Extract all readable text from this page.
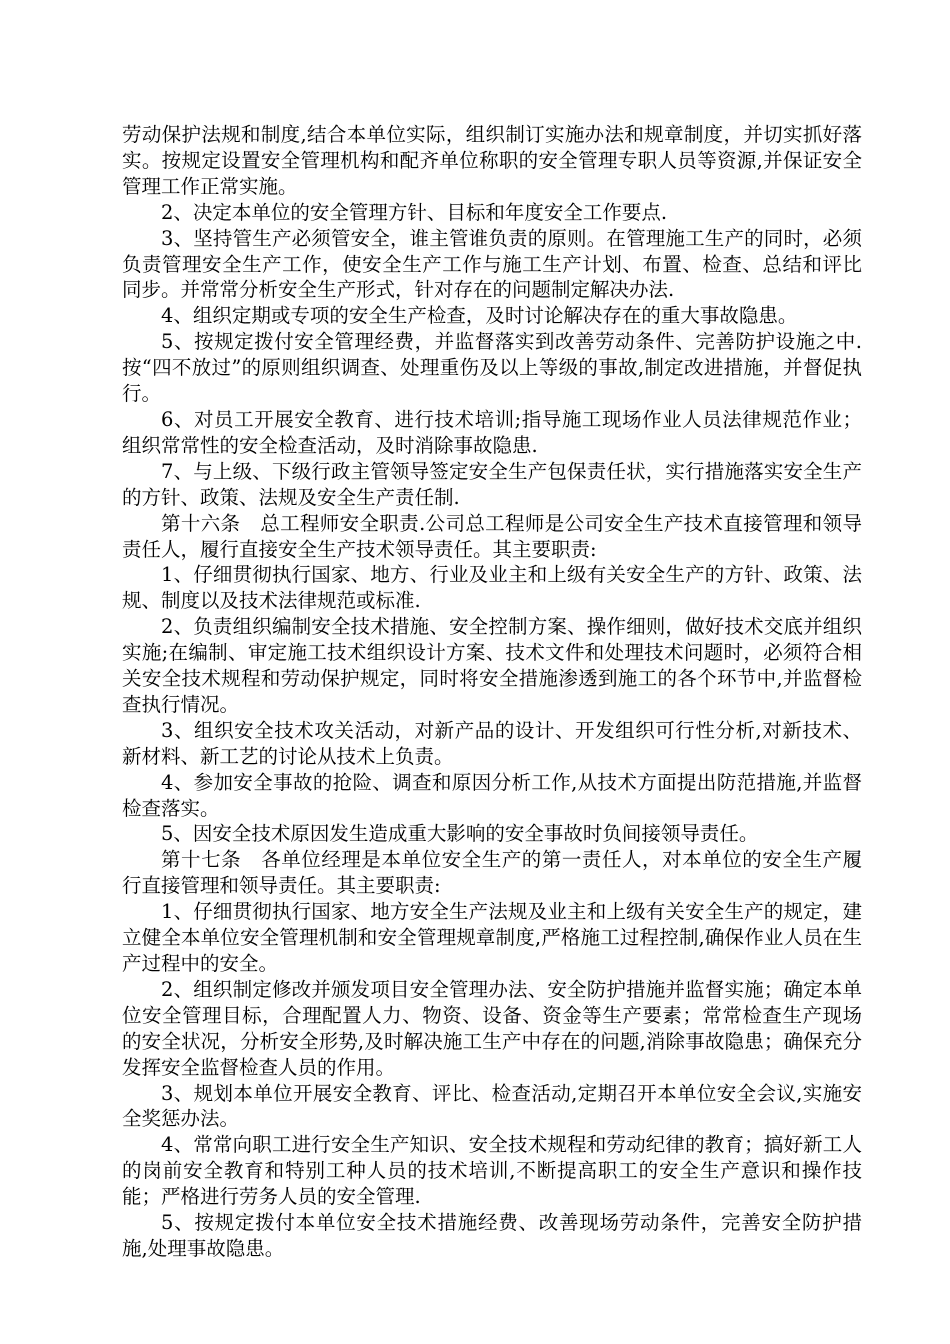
劳动保护法规和制度,结合本单位实际，组织制订实施办法和规章制度，并切实抓好落实。按规定设置安全管理机构和配齐单位称职的安全管理专职人员等资源,并保证安全管理工作正常实施。

2、决定本单位的安全管理方针、目标和年度安全工作要点.

3、坚持管生产必须管安全，谁主管谁负责的原则。在管理施工生产的同时，必须负责管理安全生产工作，使安全生产工作与施工生产计划、布置、检查、总结和评比同步。并常常分析安全生产形式，针对存在的问题制定解决办法.

4、组织定期或专项的安全生产检查，及时讨论解决存在的重大事故隐患。

5、按规定拨付安全管理经费，并监督落实到改善劳动条件、完善防护设施之中.按“四不放过”的原则组织调查、处理重伤及以上等级的事故,制定改进措施，并督促执行。

6、对员工开展安全教育、进行技术培训;指导施工现场作业人员法律规范作业；组织常常性的安全检查活动，及时消除事故隐患.

7、与上级、下级行政主管领导签定安全生产包保责任状，实行措施落实安全生产的方针、政策、法规及安全生产责任制.

第十六条　总工程师安全职责.公司总工程师是公司安全生产技术直接管理和领导责任人，履行直接安全生产技术领导责任。其主要职责:

1、仔细贯彻执行国家、地方、行业及业主和上级有关安全生产的方针、政策、法规、制度以及技术法律规范或标准.

2、负责组织编制安全技术措施、安全控制方案、操作细则，做好技术交底并组织实施;在编制、审定施工技术组织设计方案、技术文件和处理技术问题时，必须符合相关安全技术规程和劳动保护规定，同时将安全措施渗透到施工的各个环节中,并监督检查执行情况。

3、组织安全技术攻关活动，对新产品的设计、开发组织可行性分析,对新技术、新材料、新工艺的讨论从技术上负责。

4、参加安全事故的抢险、调查和原因分析工作,从技术方面提出防范措施,并监督检查落实。

5、因安全技术原因发生造成重大影响的安全事故时负间接领导责任。

第十七条　各单位经理是本单位安全生产的第一责任人，对本单位的安全生产履行直接管理和领导责任。其主要职责:

1、仔细贯彻执行国家、地方安全生产法规及业主和上级有关安全生产的规定，建立健全本单位安全管理机制和安全管理规章制度,严格施工过程控制,确保作业人员在生产过程中的安全。

2、组织制定修改并颁发项目安全管理办法、安全防护措施并监督实施；确定本单位安全管理目标，合理配置人力、物资、设备、资金等生产要素；常常检查生产现场的安全状况，分析安全形势,及时解决施工生产中存在的问题,消除事故隐患；确保充分发挥安全监督检查人员的作用。

3、规划本单位开展安全教育、评比、检查活动,定期召开本单位安全会议,实施安全奖惩办法。

4、常常向职工进行安全生产知识、安全技术规程和劳动纪律的教育；搞好新工人的岗前安全教育和特别工种人员的技术培训,不断提高职工的安全生产意识和操作技能；严格进行劳务人员的安全管理.

5、按规定拨付本单位安全技术措施经费、改善现场劳动条件，完善安全防护措施,处理事故隐患。
